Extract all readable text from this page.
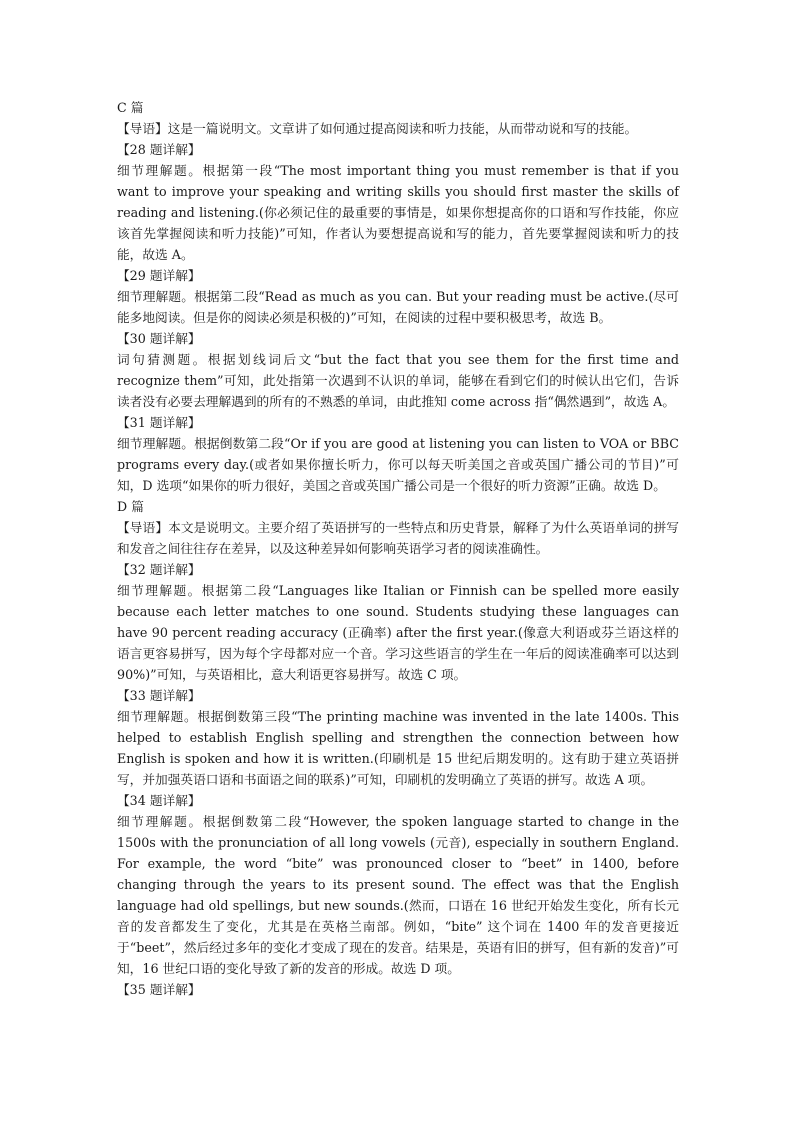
C 篇

【导语】这是一篇说明文。文章讲了如何通过提高阅读和听力技能，从而带动说和写的技能。

【28 题详解】

细节理解题。根据第一段“The most important thing you must remember is that if you want to improve your speaking and writing skills you should first master the skills of reading and listening.(你必须记住的最重要的事情是，如果你想提高你的口语和写作技能，你应该首先掌握阅读和听力技能)”可知，作者认为要想提高说和写的能力，首先要掌握阅读和听力的技能，故选 A。

【29 题详解】

细节理解题。根据第二段“Read as much as you can. But your reading must be active.(尽可能多地阅读。但是你的阅读必须是积极的)”可知，在阅读的过程中要积极思考，故选 B。

【30 题详解】

词句猜测题。根据划线词后文“but the fact that you see them for the first time and recognize them”可知，此处指第一次遇到不认识的单词，能够在看到它们的时候认出它们，告诉读者没有必要去理解遇到的所有的不熟悉的单词，由此推知 come across 指“偶然遇到”，故选 A。

【31 题详解】

细节理解题。根据倒数第二段“Or if you are good at listening you can listen to VOA or BBC programs every day.(或者如果你擅长听力，你可以每天听美国之音或英国广播公司的节目)”可知，D 选项“如果你的听力很好，美国之音或英国广播公司是一个很好的听力资源”正确。故选 D。

D 篇

【导语】本文是说明文。主要介绍了英语拼写的一些特点和历史背景，解释了为什么英语单词的拼写和发音之间往往存在差异，以及这种差异如何影响英语学习者的阅读准确性。

【32 题详解】

细节理解题。根据第二段“Languages like Italian or Finnish can be spelled more easily because each letter matches to one sound. Students studying these languages can have 90 percent reading accuracy (正确率) after the first year.(像意大利语或芬兰语这样的语言更容易拼写，因为每个字母都对应一个音。学习这些语言的学生在一年后的阅读准确率可以达到 90%)”可知，与英语相比，意大利语更容易拼写。故选 C 项。

【33 题详解】

细节理解题。根据倒数第三段“The printing machine was invented in the late 1400s. This helped to establish English spelling and strengthen the connection between how English is spoken and how it is written.(印刷机是 15 世纪后期发明的。这有助于建立英语拼写，并加强英语口语和书面语之间的联系)”可知，印刷机的发明确立了英语的拼写。故选 A 项。

【34 题详解】

细节理解题。根据倒数第二段“However, the spoken language started to change in the 1500s with the pronunciation of all long vowels (元音), especially in southern England. For example, the word “bite” was pronounced closer to “beet” in 1400, before changing through the years to its present sound. The effect was that the English language had old spellings, but new sounds.(然而，口语在 16 世纪开始发生变化，所有长元音的发音都发生了变化，尤其是在英格兰南部。例如，“bite” 这个词在 1400 年的发音更接近于“beet”，然后经过多年的变化才变成了现在的发音。结果是，英语有旧的拼写，但有新的发音)”可知，16 世纪口语的变化导致了新的发音的形成。故选 D 项。

【35 题详解】
